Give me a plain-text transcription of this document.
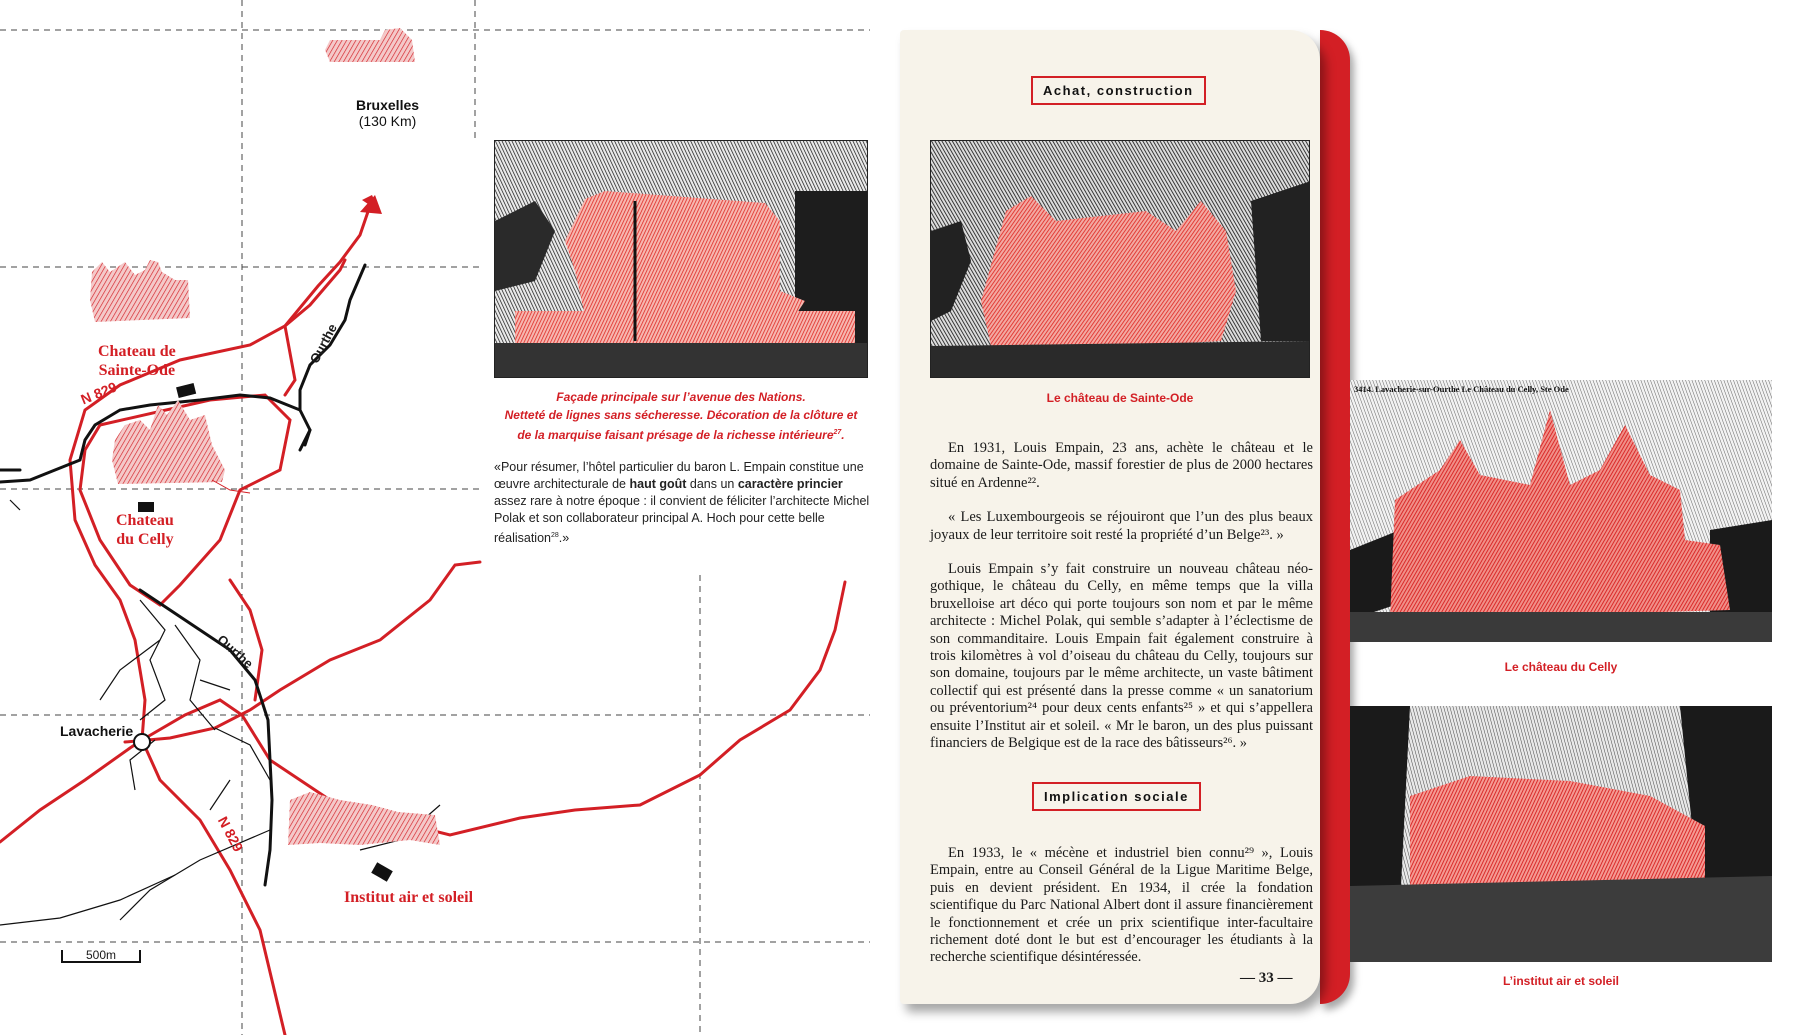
Bruxelles
(130 Km)
Chateau de
Sainte-Ode
Chateau
du Celly
Institut air et soleil
Lavacherie
N 829
N 829
Ourthe
Ourthe
500m
Façade principale sur l’avenue des Nations.
Netteté de lignes sans sécheresse. Décoration de la clôture et
de la marquise faisant présage de la richesse intérieure$^{27}$.
«Pour résumer, l’hôtel particulier du baron L. Empain constitue une œuvre architecturale de haut goût dans un caractère princier assez rare à notre époque : il convient de féliciter l’architecte Michel Polak et son collaborateur principal A. Hoch pour cette belle réalisation$^{28}$.»
Achat, construction
Le château de Sainte-Ode

En 1931, Louis Empain, 23 ans, achète le château et le domaine de Sainte-Ode, massif forestier de plus de 2000 hectares situé en Ardenne²².

« Les Luxembourgeois se réjouiront que l’un des plus beaux joyaux de leur territoire soit resté la propriété d’un Belge²³. »

Louis Empain s’y fait construire un nouveau château néo-gothique, le château du Celly, en même temps que la villa bruxelloise art déco qui porte toujours son nom et par le même architecte : Michel Polak, qui semble s’adapter à l’éclectisme de son commanditaire. Louis Empain fait également construire à trois kilomètres à vol d’oiseau du château du Celly, toujours sur son domaine, toujours par le même architecte, un vaste bâtiment collectif qui est présenté dans la presse comme « un sanatorium ou préventorium²⁴ pour deux cents enfants²⁵ » et qui s’appellera ensuite l’Institut air et soleil. « Mr le baron, un des plus puissant financiers de Belgique est de la race des bâtisseurs²⁶. »

Implication sociale

En 1933, le « mécène et industriel bien connu²⁹ », Louis Empain, entre au Conseil Général de la Ligue Maritime Belge, puis en devient président. En 1934, il crée la fondation scientifique du Parc National Albert dont il assure financièrement le fonctionnement et crée un prix scientifique inter-facultaire richement doté dont le but est d’encourager les étudiants à la recherche scientifique désintéressée.

— 33 —
3414. Lavacherie-sur-Ourthe Le Château du Celly, Ste Ode
Le château du Celly
L’institut air et soleil
